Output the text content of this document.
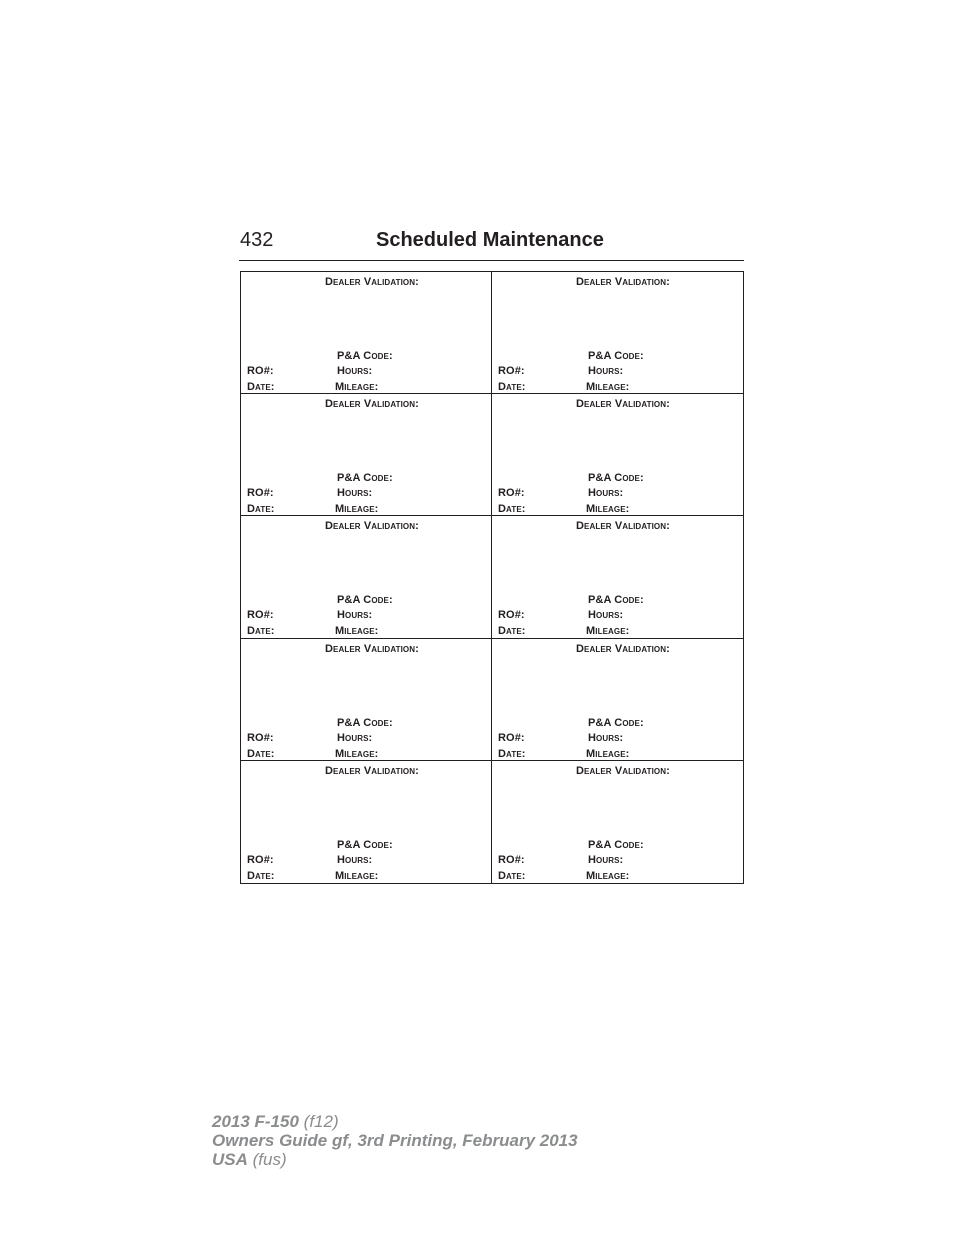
432	Scheduled Maintenance
Dealer Validation:
P&A Code:
RO#:	Hours:
Date:	Mileage:
Dealer Validation:
P&A Code:
RO#:	Hours:
Date:	Mileage:
Dealer Validation:
P&A Code:
RO#:	Hours:
Date:	Mileage:
Dealer Validation:
P&A Code:
RO#:	Hours:
Date:	Mileage:
Dealer Validation:
P&A Code:
RO#:	Hours:
Date:	Mileage:
Dealer Validation:
P&A Code:
RO#:	Hours:
Date:	Mileage:
Dealer Validation:
P&A Code:
RO#:	Hours:
Date:	Mileage:
Dealer Validation:
P&A Code:
RO#:	Hours:
Date:	Mileage:
Dealer Validation:
P&A Code:
RO#:	Hours:
Date:	Mileage:
Dealer Validation:
P&A Code:
RO#:	Hours:
Date:	Mileage:
2013 F-150 (f12)
Owners Guide gf, 3rd Printing, February 2013
USA (fus)
